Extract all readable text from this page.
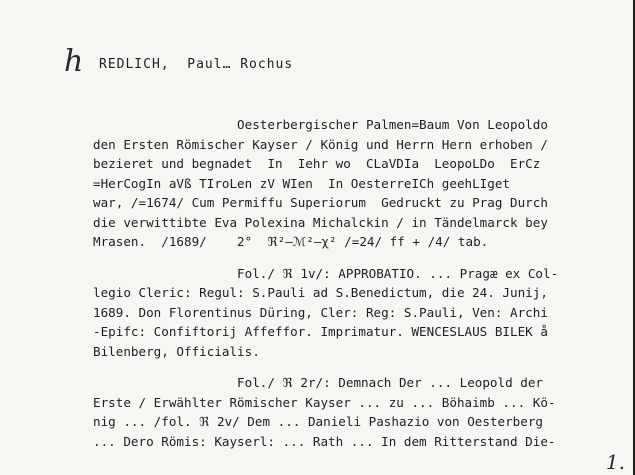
h REDLICH,  Paul… Rochus
Oesterbergischer Palmen=Baum Von Leopoldo
den Ersten Römischer Kayser / König und Herrn Hern erhoben /
bezieret und begnadet  In  Iehr wo  CLaVDIa  LeopoLDo  ErCz
=HerCogIn aVß TIroLen zV WIen  In OesterreICh geehLIget
war, /=1674/ Cum Permiffu Superiorum  Gedruckt zu Prag Durch
die verwittibte Eva Polexina Michalckin / in Tändelmarck bey
Mrasen.  /1689/    2°  ℜ²–ℳ²–χ² /=24/ ff + /4/ tab.
Fol./ ℜ 1v/: APPROBATIO. ... Pragæ ex Col-
legio Cleric: Regul: S.Pauli ad S.Benedictum, die 24. Junij,
1689. Don Florentinus Düring, Cler: Reg: S.Pauli, Ven: Archi
-Epifc: Confiftorij Affeffor. Imprimatur. WENCESLAUS BILEK å
Bilenberg, Officialis.
Fol./ ℜ 2r/: Demnach Der ... Leopold der
Erste / Erwählter Römischer Kayser ... zu ... Böhaimb ... Kö-
nig ... /fol. ℜ 2v/ Dem ... Danieli Pashazio von Oesterberg
... Dero Römis: Kayserl: ... Rath ... In dem Ritterstand Die-
1.
